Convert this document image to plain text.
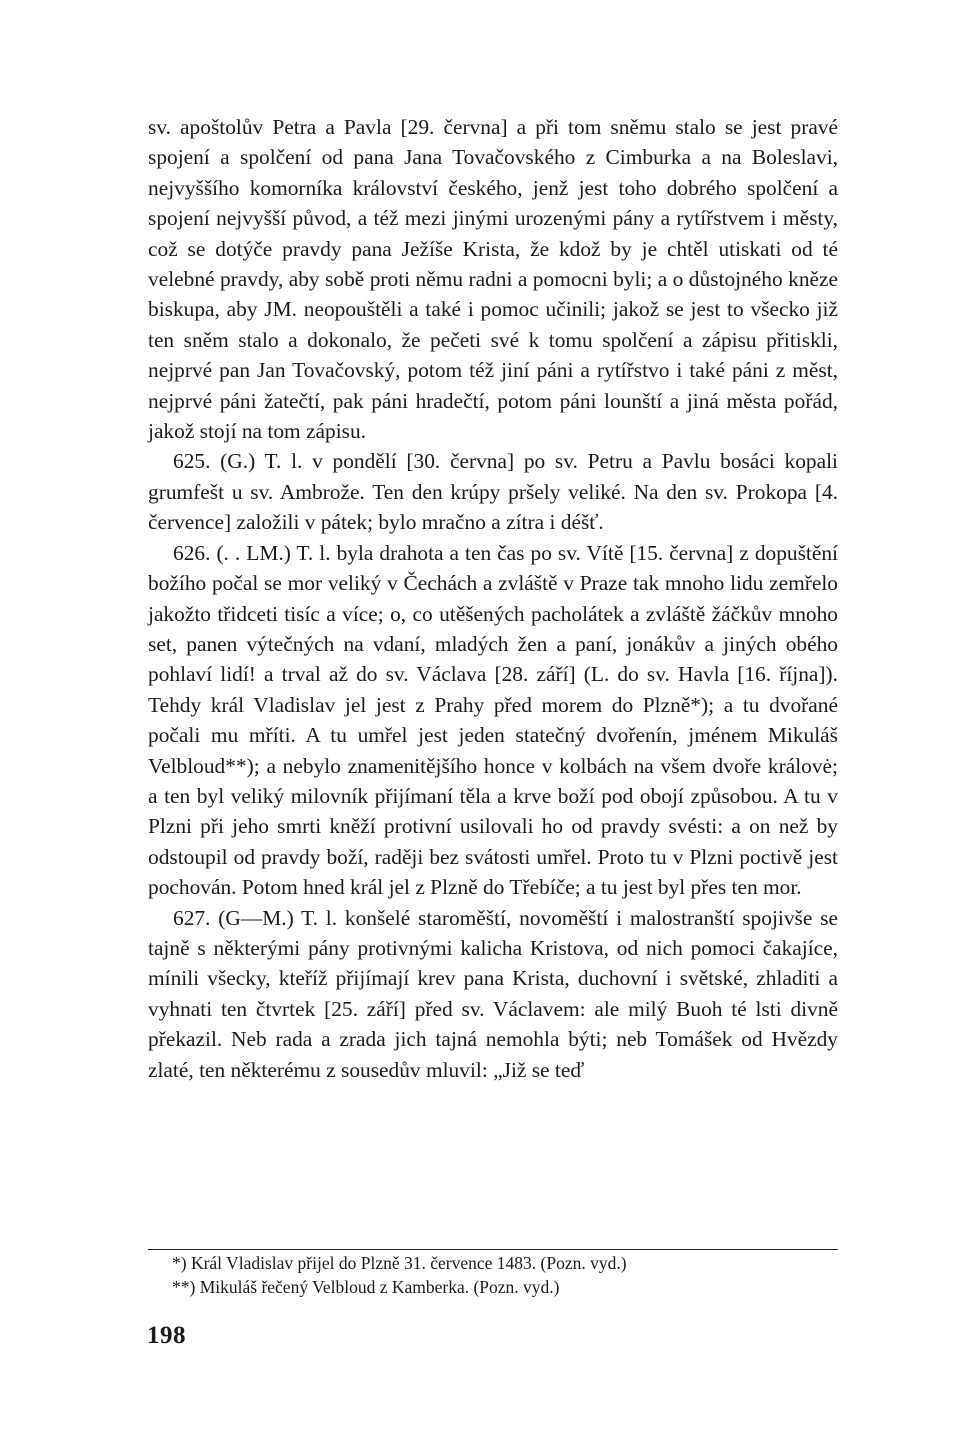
sv. apoštolův Petra a Pavla [29. června] a při tom sněmu stalo se jest pravé spojení a spolčení od pana Jana Tovačovského z Cimburka a na Boleslavi, nejvyššího komorníka království českého, jenž jest toho dobrého spolčení a spojení nejvyšší původ, a též mezi jinými urozenými pány a rytířstvem i městy, což se dotýče pravdy pana Ježíše Krista, že kdož by je chtěl utiskati od té velebné pravdy, aby sobě proti němu radni a pomocni byli; a o důstojného kněze biskupa, aby JM. neopouštěli a také i pomoc učinili; jakož se jest to všecko již ten sněm stalo a dokonalo, že pečeti své k tomu spolčení a zápisu přitiskli, nejprvé pan Jan Tovačovský, potom též jiní páni a rytířstvo i také páni z měst, nejprvé páni žatečtí, pak páni hradečtí, potom páni lounští a jiná města pořád, jakož stojí na tom zápisu.

625. (G.) T. l. v pondělí [30. června] po sv. Petru a Pavlu bosáci kopali grumfešt u sv. Ambrože. Ten den krúpy pršely veliké. Na den sv. Prokopa [4. července] založili v pátek; bylo mračno a zítra i déšť.

626. (. . LM.) T. l. byla drahota a ten čas po sv. Vítě [15. června] z dopuštění božího počal se mor veliký v Čechách a zvláště v Praze tak mnoho lidu zemřelo jakožto třidceti tisíc a více; o, co utěšených pacholátek a zvláště žáčkův mnoho set, panen výtečných na vdaní, mladých žen a paní, jonákův a jiných obého pohlaví lidí! a trval až do sv. Václava [28. září] (L. do sv. Havla [16. října]). Tehdy král Vladislav jel jest z Prahy před morem do Plzně*); a tu dvořané počali mu mříti. A tu umřel jest jeden statečný dvořenín, jménem Mikuláš Velbloud**); a nebylo znamenitějšího honce v kolbách na všem dvoře královė; a ten byl veliký milovník přijímaní těla a krve boží pod obojí způsobou. A tu v Plzni při jeho smrti kněží protivní usilovali ho od pravdy svésti: a on než by odstoupil od pravdy boží, raději bez svátosti umřel. Proto tu v Plzni poctivě jest pochován. Potom hned král jel z Plzně do Třebíče; a tu jest byl přes ten mor.

627. (G—M.) T. l. konšelé staroměští, novoměští i malostranští spojivše se tajně s některými pány protivnými kalicha Kristova, od nich pomoci čakajíce, mínili všecky, kteříž přijímají krev pana Krista, duchovní i světské, zhladiti a vyhnati ten čtvrtek [25. září] před sv. Václavem: ale milý Buoh té lsti divně překazil. Neb rada a zrada jich tajná nemohla býti; neb Tomášek od Hvězdy zlaté, ten některému z sousedův mluvil: „Již se teď

*) Král Vladislav přijel do Plzně 31. července 1483. (Pozn. vyd.)

**) Mikuláš řečený Velbloud z Kamberka. (Pozn. vyd.)

198
